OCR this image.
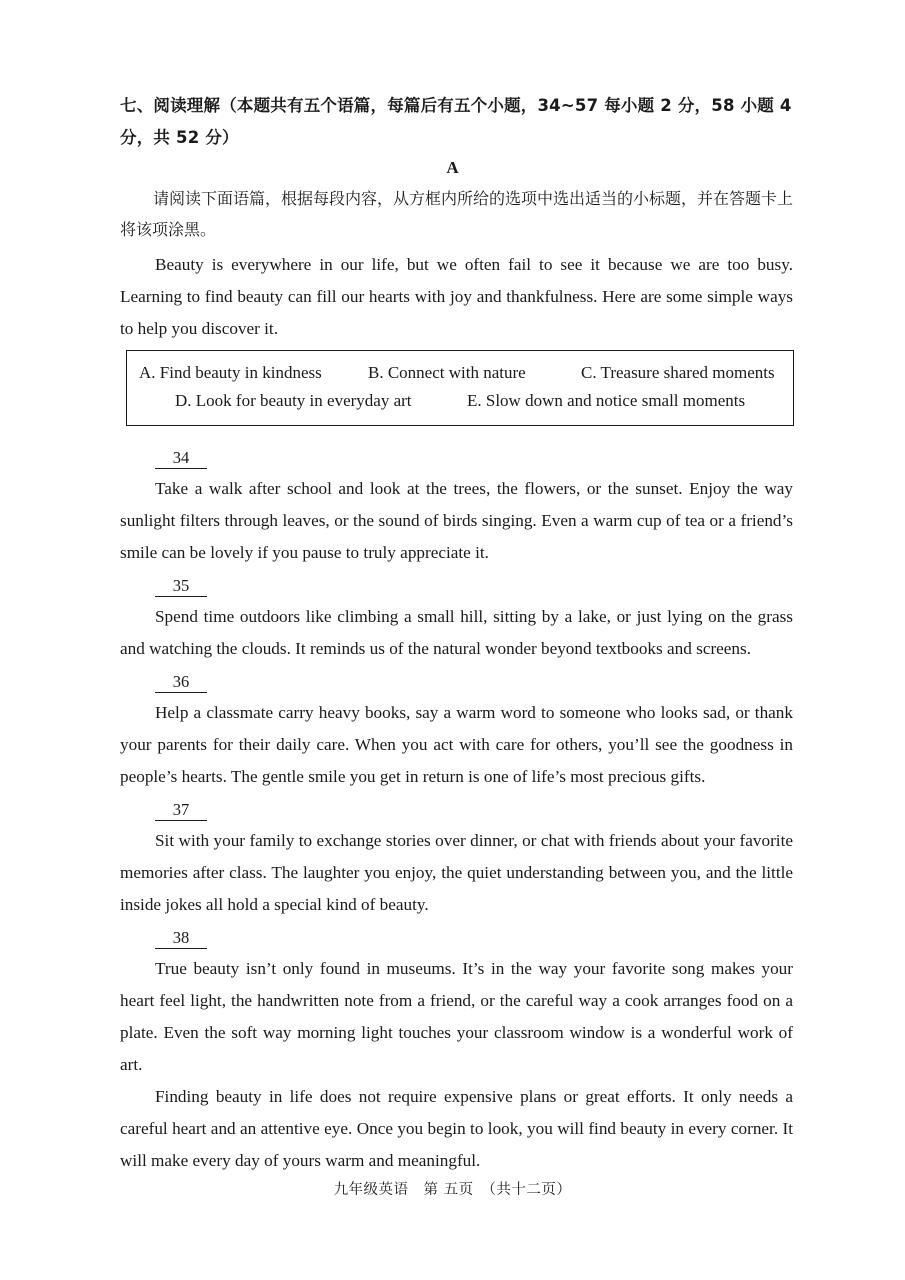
七、阅读理解（本题共有五个语篇，每篇后有五个小题，34~57 每小题 2 分，58 小题 4 分，共 52 分）
A
请阅读下面语篇，根据每段内容，从方框内所给的选项中选出适当的小标题，并在答题卡上将该项涂黑。
Beauty is everywhere in our life, but we often fail to see it because we are too busy. Learning to find beauty can fill our hearts with joy and thankfulness. Here are some simple ways to help you discover it.
A. Find beauty in kindness	B. Connect with nature	C. Treasure shared moments
D. Look for beauty in everyday art	E. Slow down and notice small moments
34
Take a walk after school and look at the trees, the flowers, or the sunset. Enjoy the way sunlight filters through leaves, or the sound of birds singing. Even a warm cup of tea or a friend’s smile can be lovely if you pause to truly appreciate it.
35
Spend time outdoors like climbing a small hill, sitting by a lake, or just lying on the grass and watching the clouds. It reminds us of the natural wonder beyond textbooks and screens.
36
Help a classmate carry heavy books, say a warm word to someone who looks sad, or thank your parents for their daily care. When you act with care for others, you’ll see the goodness in people’s hearts. The gentle smile you get in return is one of life’s most precious gifts.
37
Sit with your family to exchange stories over dinner, or chat with friends about your favorite memories after class. The laughter you enjoy, the quiet understanding between you, and the little inside jokes all hold a special kind of beauty.
38
True beauty isn’t only found in museums. It’s in the way your favorite song makes your heart feel light, the handwritten note from a friend, or the careful way a cook arranges food on a plate. Even the soft way morning light touches your classroom window is a wonderful work of art.
Finding beauty in life does not require expensive plans or great efforts. It only needs a careful heart and an attentive eye. Once you begin to look, you will find beauty in every corner. It will make every day of yours warm and meaningful.
九年级英语　第 五页　（共十二页）
